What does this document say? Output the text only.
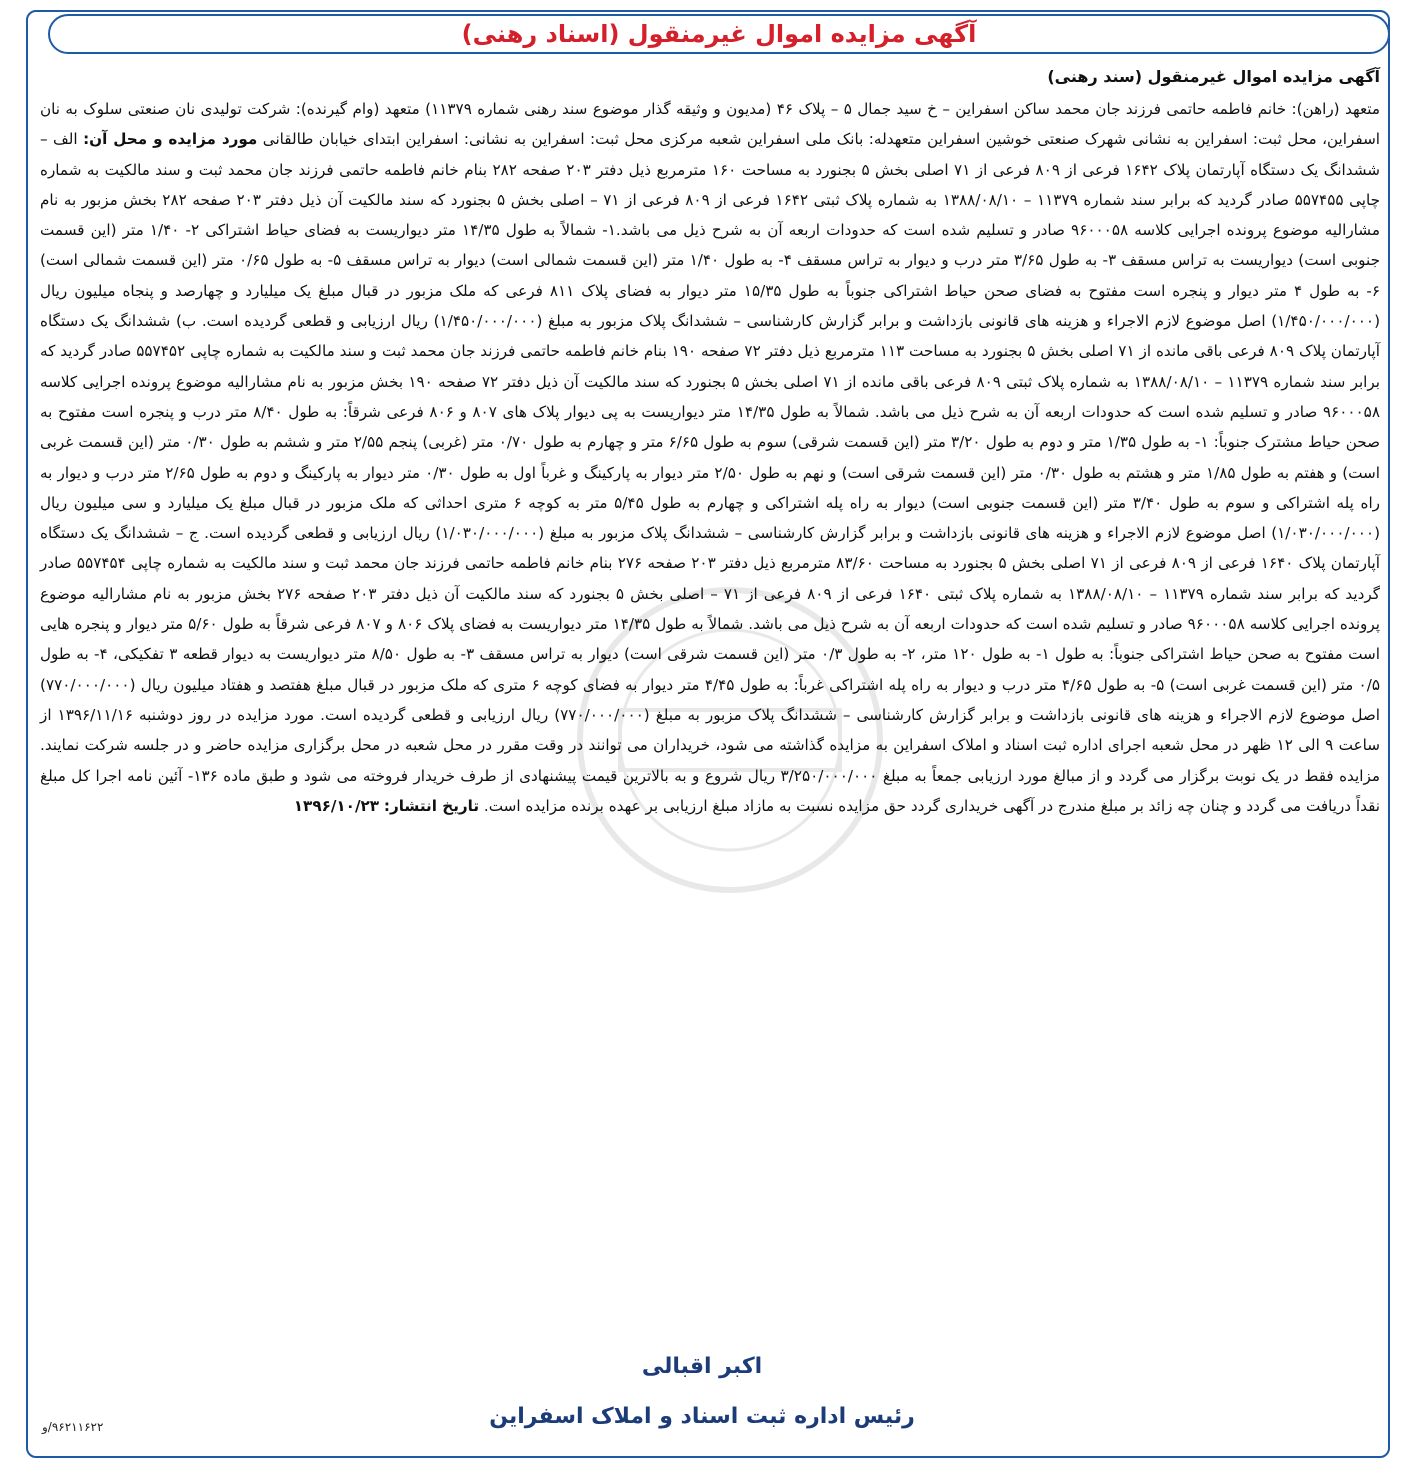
آگهی مزایده اموال غیرمنقول (اسناد رهنی)
آگهی مزایده اموال غیرمنقول (سند رهنی)
متعهد (راهن): خانم فاطمه حاتمی فرزند جان محمد ساکن اسفراین – خ سید جمال ۵ – پلاک ۴۶ (مدیون و وثیقه گذار موضوع سند رهنی شماره ۱۱۳۷۹) متعهد (وام گیرنده): شرکت تولیدی نان صنعتی سلوک به نان اسفراین، محل ثبت: اسفراین به نشانی شهرک صنعتی خوشین اسفراین متعهدله: بانک ملی اسفراین شعبه مرکزی محل ثبت: اسفراین به نشانی: اسفراین ابتدای خیابان طالقانی مورد مزایده و محل آن: الف – ششدانگ یک دستگاه آپارتمان پلاک ۱۶۴۲ فرعی از ۸۰۹ فرعی از ۷۱ اصلی بخش ۵ بجنورد به مساحت ۱۶۰ مترمربع ذیل دفتر ۲۰۳ صفحه ۲۸۲ بنام خانم فاطمه حاتمی فرزند جان محمد ثبت و سند مالکیت به شماره چاپی ۵۵۷۴۵۵ صادر گردید که برابر سند شماره ۱۱۳۷۹ – ۱۳۸۸/۰۸/۱۰ به شماره پلاک ثبتی ۱۶۴۲ فرعی از ۸۰۹ فرعی از ۷۱ – اصلی بخش ۵ بجنورد که سند مالکیت آن ذیل دفتر ۲۰۳ صفحه ۲۸۲ بخش مزبور به نام مشارالیه موضوع پرونده اجرایی کلاسه ۹۶۰۰۰۵۸ صادر و تسلیم شده است که حدودات اربعه آن به شرح ذیل می باشد.۱- شمالاً به طول ۱۴/۳۵ متر دیواریست به فضای حیاط اشتراکی ۲- ۱/۴۰ متر (این قسمت جنوبی است) دیواریست به تراس مسقف ۳- به طول ۳/۶۵ متر درب و دیوار به تراس مسقف ۴- به طول ۱/۴۰ متر (این قسمت شمالی است) دیوار به تراس مسقف ۵- به طول ۰/۶۵ متر (این قسمت شمالی است) ۶- به طول ۴ متر دیوار و پنجره است مفتوح به فضای صحن حیاط اشتراکی جنوباً به طول ۱۵/۳۵ متر دیوار به فضای پلاک ۸۱۱ فرعی که ملک مزبور در قبال مبلغ یک میلیارد و چهارصد و پنجاه میلیون ریال (۱/۴۵۰/۰۰۰/۰۰۰) اصل موضوع لازم الاجراء و هزینه های قانونی بازداشت و برابر گزارش کارشناسی – ششدانگ پلاک مزبور به مبلغ (۱/۴۵۰/۰۰۰/۰۰۰) ریال ارزیابی و قطعی گردیده است. ب) ششدانگ یک دستگاه آپارتمان پلاک ۸۰۹ فرعی باقی مانده از ۷۱ اصلی بخش ۵ بجنورد به مساحت ۱۱۳ مترمربع ذیل دفتر ۷۲ صفحه ۱۹۰ بنام خانم فاطمه حاتمی فرزند جان محمد ثبت و سند مالکیت به شماره چاپی ۵۵۷۴۵۲ صادر گردید که برابر سند شماره ۱۱۳۷۹ – ۱۳۸۸/۰۸/۱۰ به شماره پلاک ثبتی ۸۰۹ فرعی باقی مانده از ۷۱ اصلی بخش ۵ بجنورد که سند مالکیت آن ذیل دفتر ۷۲ صفحه ۱۹۰ بخش مزبور به نام مشارالیه موضوع پرونده اجرایی کلاسه ۹۶۰۰۰۵۸ صادر و تسلیم شده است که حدودات اربعه آن به شرح ذیل می باشد. شمالاً به طول ۱۴/۳۵ متر دیواریست به پی دیوار پلاک های ۸۰۷ و ۸۰۶ فرعی شرقاً: به طول ۸/۴۰ متر درب و پنجره است مفتوح به صحن حیاط مشترک جنوباً: ۱- به طول ۱/۳۵ متر و دوم به طول ۳/۲۰ متر (این قسمت شرقی) سوم به طول ۶/۶۵ متر و چهارم به طول ۰/۷۰ متر (غربی) پنجم ۲/۵۵ متر و ششم به طول ۰/۳۰ متر (این قسمت غربی است) و هفتم به طول ۱/۸۵ متر و هشتم به طول ۰/۳۰ متر (این قسمت شرقی است) و نهم به طول ۲/۵۰ متر دیوار به پارکینگ و غرباً اول به طول ۰/۳۰ متر دیوار به پارکینگ و دوم به طول ۲/۶۵ متر درب و دیوار به راه پله اشتراکی و سوم به طول ۳/۴۰ متر (این قسمت جنوبی است) دیوار به راه پله اشتراکی و چهارم به طول ۵/۴۵ متر به کوچه ۶ متری احداثی که ملک مزبور در قبال مبلغ یک میلیارد و سی میلیون ریال (۱/۰۳۰/۰۰۰/۰۰۰) اصل موضوع لازم الاجراء و هزینه های قانونی بازداشت و برابر گزارش کارشناسی – ششدانگ پلاک مزبور به مبلغ (۱/۰۳۰/۰۰۰/۰۰۰) ریال ارزیابی و قطعی گردیده است. ج – ششدانگ یک دستگاه آپارتمان پلاک ۱۶۴۰ فرعی از ۸۰۹ فرعی از ۷۱ اصلی بخش ۵ بجنورد به مساحت ۸۳/۶۰ مترمربع ذیل دفتر ۲۰۳ صفحه ۲۷۶ بنام خانم فاطمه حاتمی فرزند جان محمد ثبت و سند مالکیت به شماره چاپی ۵۵۷۴۵۴ صادر گردید که برابر سند شماره ۱۱۳۷۹ – ۱۳۸۸/۰۸/۱۰ به شماره پلاک ثبتی ۱۶۴۰ فرعی از ۸۰۹ فرعی از ۷۱ – اصلی بخش ۵ بجنورد که سند مالکیت آن ذیل دفتر ۲۰۳ صفحه ۲۷۶ بخش مزبور به نام مشارالیه موضوع پرونده اجرایی کلاسه ۹۶۰۰۰۵۸ صادر و تسلیم شده است که حدودات اربعه آن به شرح ذیل می باشد. شمالاً به طول ۱۴/۳۵ متر دیواریست به فضای پلاک ۸۰۶ و ۸۰۷ فرعی شرقاً به طول ۵/۶۰ متر دیوار و پنجره هایی است مفتوح به صحن حیاط اشتراکی جنوباً: به طول ۱- به طول ۱۲۰ متر، ۲- به طول ۰/۳ متر (این قسمت شرقی است) دیوار به تراس مسقف ۳- به طول ۸/۵۰ متر دیواریست به دیوار قطعه ۳ تفکیکی، ۴- به طول ۰/۵ متر (این قسمت غربی است) ۵- به طول ۴/۶۵ متر درب و دیوار به راه پله اشتراکی غرباً: به طول ۴/۴۵ متر دیوار به فضای کوچه ۶ متری که ملک مزبور در قبال مبلغ هفتصد و هفتاد میلیون ریال (۷۷۰/۰۰۰/۰۰۰) اصل موضوع لازم الاجراء و هزینه های قانونی بازداشت و برابر گزارش کارشناسی – ششدانگ پلاک مزبور به مبلغ (۷۷۰/۰۰۰/۰۰۰) ریال ارزیابی و قطعی گردیده است. مورد مزایده در روز دوشنبه ۱۳۹۶/۱۱/۱۶ از ساعت ۹ الی ۱۲ ظهر در محل شعبه اجرای اداره ثبت اسناد و املاک اسفراین به مزایده گذاشته می شود، خریداران می توانند در وقت مقرر در محل شعبه در محل برگزاری مزایده حاضر و در جلسه شرکت نمایند. مزایده فقط در یک نوبت برگزار می گردد و از مبالغ مورد ارزیابی جمعاً به مبلغ ۳/۲۵۰/۰۰۰/۰۰۰ ریال شروع و به بالاترین قیمت پیشنهادی از طرف خریدار فروخته می شود و طبق ماده ۱۳۶- آئین نامه اجرا کل مبلغ نقداً دریافت می گردد و چنان چه زائد بر مبلغ مندرج در آگهی خریداری گردد حق مزایده نسبت به مازاد مبلغ ارزیابی بر عهده برنده مزایده است. تاریخ انتشار: ۱۳۹۶/۱۰/۲۳
اکبر اقبالی
رئیس اداره ثبت اسناد و املاک اسفراین
۹۶۲۱۱۶۲۲/و
